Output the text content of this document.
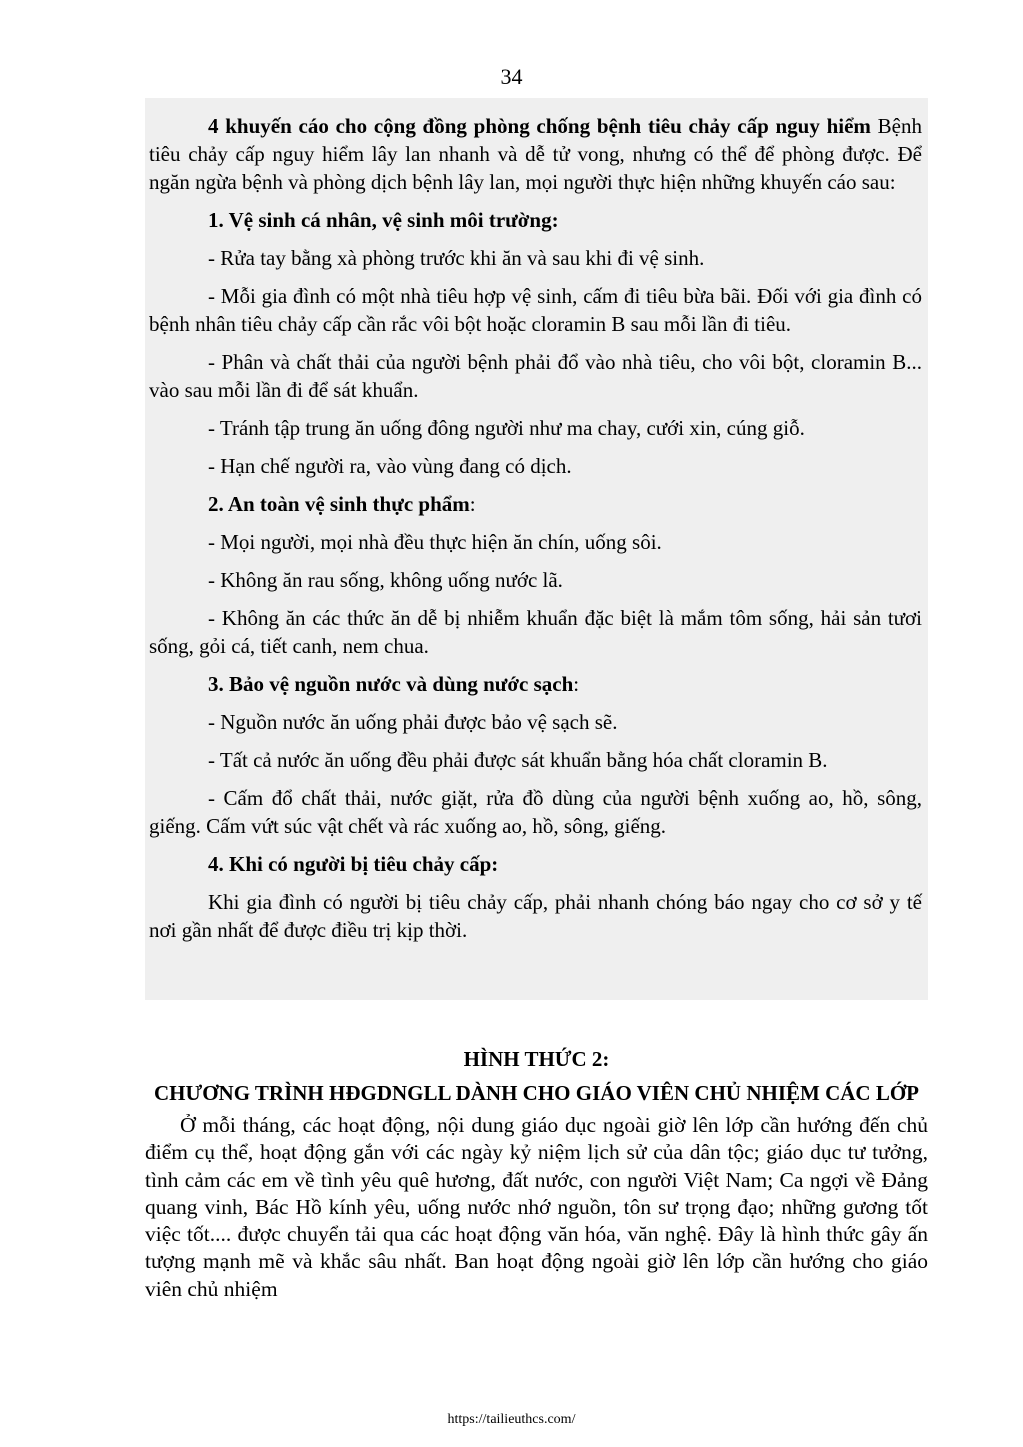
34

4 khuyến cáo cho cộng đồng phòng chống bệnh tiêu chảy cấp nguy hiểm Bệnh tiêu chảy cấp nguy hiểm lây lan nhanh và dễ tử vong, nhưng có thể để phòng được. Để ngăn ngừa bệnh và phòng dịch bệnh lây lan, mọi người thực hiện những khuyến cáo sau:

1. Vệ sinh cá nhân, vệ sinh môi trường:

- Rửa tay bằng xà phòng trước khi ăn và sau khi đi vệ sinh.

- Mỗi gia đình có một nhà tiêu hợp vệ sinh, cấm đi tiêu bừa bãi. Đối với gia đình có bệnh nhân tiêu chảy cấp cần rắc vôi bột hoặc cloramin B sau mỗi lần đi tiêu.

- Phân và chất thải của người bệnh phải đổ vào nhà tiêu, cho vôi bột, cloramin B... vào sau mỗi lần đi để sát khuẩn.

- Tránh tập trung ăn uống đông người như ma chay, cưới xin, cúng giỗ.

- Hạn chế người ra, vào vùng đang có dịch.

2. An toàn vệ sinh thực phẩm:

- Mọi người, mọi nhà đều thực hiện ăn chín, uống sôi.

- Không ăn rau sống, không uống nước lã.

- Không ăn các thức ăn dễ bị nhiễm khuẩn đặc biệt là mắm tôm sống, hải sản tươi sống, gỏi cá, tiết canh, nem chua.

3. Bảo vệ nguồn nước và dùng nước sạch:

- Nguồn nước ăn uống phải được bảo vệ sạch sẽ.

- Tất cả nước ăn uống đều phải được sát khuẩn bằng hóa chất cloramin B.

- Cấm đổ chất thải, nước giặt, rửa đồ dùng của người bệnh xuống ao, hồ, sông, giếng. Cấm vứt súc vật chết và rác xuống ao, hồ, sông, giếng.

4. Khi có người bị tiêu chảy cấp:

Khi gia đình có người bị tiêu chảy cấp, phải nhanh chóng báo ngay cho cơ sở y tế nơi gần nhất để được điều trị kịp thời.

HÌNH THỨC 2:

CHƯƠNG TRÌNH HĐGDNGLL DÀNH CHO GIÁO VIÊN CHỦ NHIỆM CÁC LỚP

Ở mỗi tháng, các hoạt động, nội dung giáo dục ngoài giờ lên lớp cần hướng đến chủ điểm cụ thể, hoạt động gắn với các ngày kỷ niệm lịch sử của dân tộc; giáo dục tư tưởng, tình cảm các em về tình yêu quê hương, đất nước, con người Việt Nam; Ca ngợi về Đảng quang vinh, Bác Hồ kính yêu, uống nước nhớ nguồn, tôn sư trọng đạo; những gương tốt việc tốt.... được chuyển tải qua các hoạt động văn hóa, văn nghệ. Đây là hình thức gây ấn tượng mạnh mẽ và khắc sâu nhất. Ban hoạt động ngoài giờ lên lớp cần hướng cho giáo viên chủ nhiệm

https://tailieuthcs.com/
